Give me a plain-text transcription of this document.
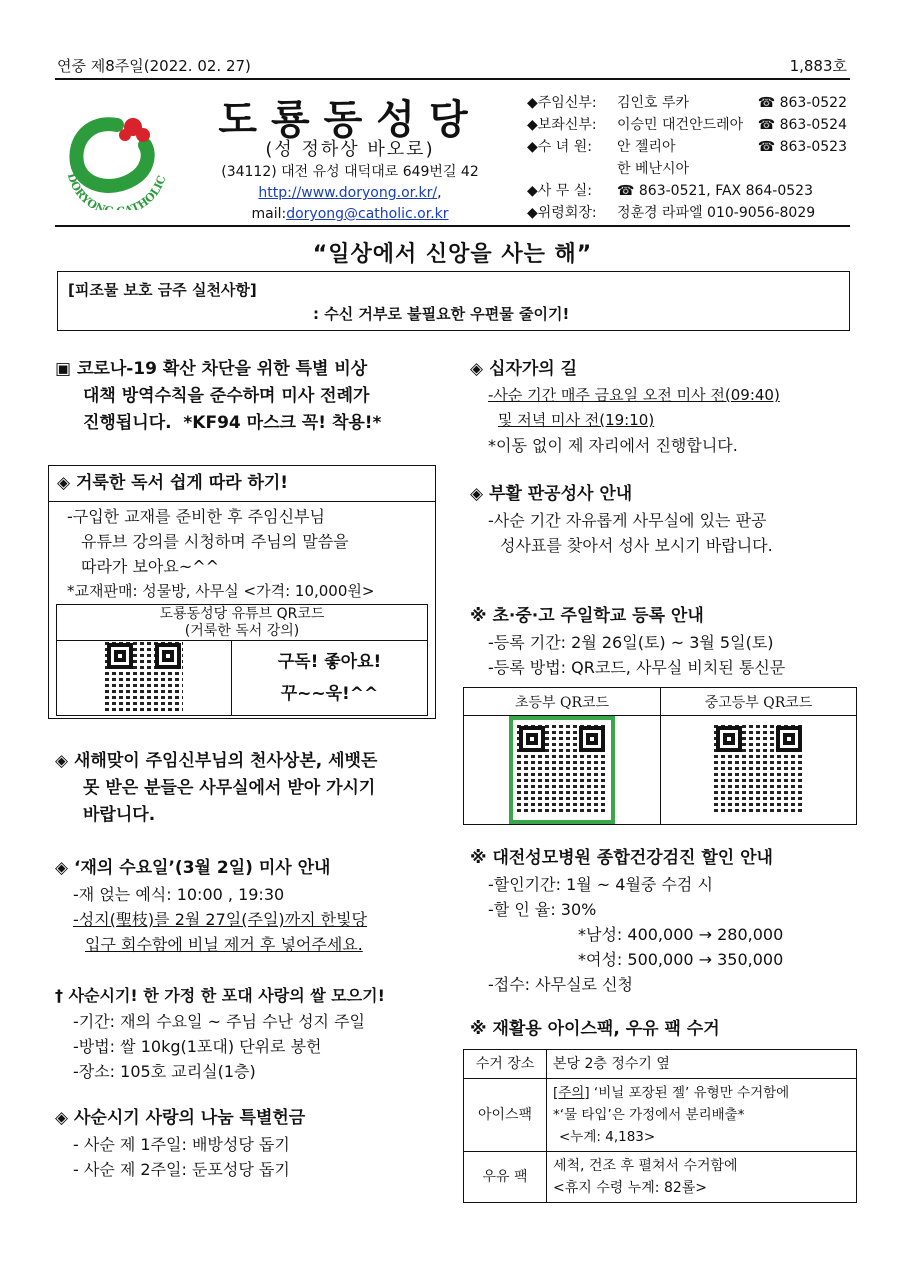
연중 제8주일(2022. 02. 27)	1,883호
DORYON THOLIC
도룡동성당
(성 정하상 바오로)
(34112) 대전 유성 대덕대로 649번길 42
http://www.doryong.or.kr/,
mail:doryong@catholic.or.kr
◆주임신부:	김인호 루카	☎ 863-0522
◆보좌신부:	이승민 대건안드레아	☎ 863-0524
◆수 녀 원:	안 젤리아	☎ 863-0523
한 베난시아
◆사 무 실:	☎ 863-0521, FAX 864-0523
◆위령회장:	정훈경 라파엘 010-9056-8029
“일상에서 신앙을 사는 해”
[피조물 보호 금주 실천사항]
: 수신 거부로 불필요한 우편물 줄이기!
▣ 코로나-19 확산 차단을 위한 특별 비상
대책 방역수칙을 준수하며 미사 전례가
진행됩니다. *KF94 마스크 꼭! 착용!*
◈ 거룩한 독서 쉽게 따라 하기!
-구입한 교재를 준비한 후 주임신부님
유튜브 강의를 시청하며 주님의 말씀을
따라가 보아요~^^
*교재판매: 성물방, 사무실 <가격: 10,000원>
도룡동성당 유튜브 QR코드
(거룩한 독서 강의)

구독! 좋아요!
꾸~~욱!^^
◈ 새해맞이 주임신부님의 천사상본, 세뱃돈
못 받은 분들은 사무실에서 받아 가시기
바랍니다.
◈ ‘재의 수요일’(3월 2일) 미사 안내
-재 얹는 예식: 10:00 , 19:30
-성지(聖枝)를 2월 27일(주일)까지 한빛당
입구 회수함에 비닐 제거 후 넣어주세요.
† 사순시기! 한 가정 한 포대 사랑의 쌀 모으기!
-기간: 재의 수요일 ~ 주님 수난 성지 주일
-방법: 쌀 10kg(1포대) 단위로 봉헌
-장소: 105호 교리실(1층)
◈ 사순시기 사랑의 나눔 특별헌금
- 사순 제 1주일: 배방성당 돕기
- 사순 제 2주일: 둔포성당 돕기
◈ 십자가의 길
-사순 기간 매주 금요일 오전 미사 전(09:40)
및 저녁 미사 전(19:10)
*이동 없이 제 자리에서 진행합니다.
◈ 부활 판공성사 안내
-사순 기간 자유롭게 사무실에 있는 판공
성사표를 찾아서 성사 보시기 바랍니다.
※ 초·중·고 주일학교 등록 안내
-등록 기간: 2월 26일(토) ~ 3월 5일(토)
-등록 방법: QR코드, 사무실 비치된 통신문
초등부 QR코드	중고등부 QR코드

※ 대전성모병원 종합건강검진 할인 안내
-할인기간: 1월 ~ 4월중 수검 시
-할 인 율: 30%
*남성: 400,000 → 280,000
*여성: 500,000 → 350,000
-접수: 사무실로 신청
※ 재활용 아이스팩, 우유 팩 수거
수거 장소	본당 2층 정수기 옆
아이스팩	[주의] ‘비닐 포장된 젤’ 유형만 수거함에
*‘물 타입’은 가정에서 분리배출*
<누계: 4,183>

우유 팩	세척, 건조 후 펼쳐서 수거함에
<휴지 수령 누계: 82롤>
